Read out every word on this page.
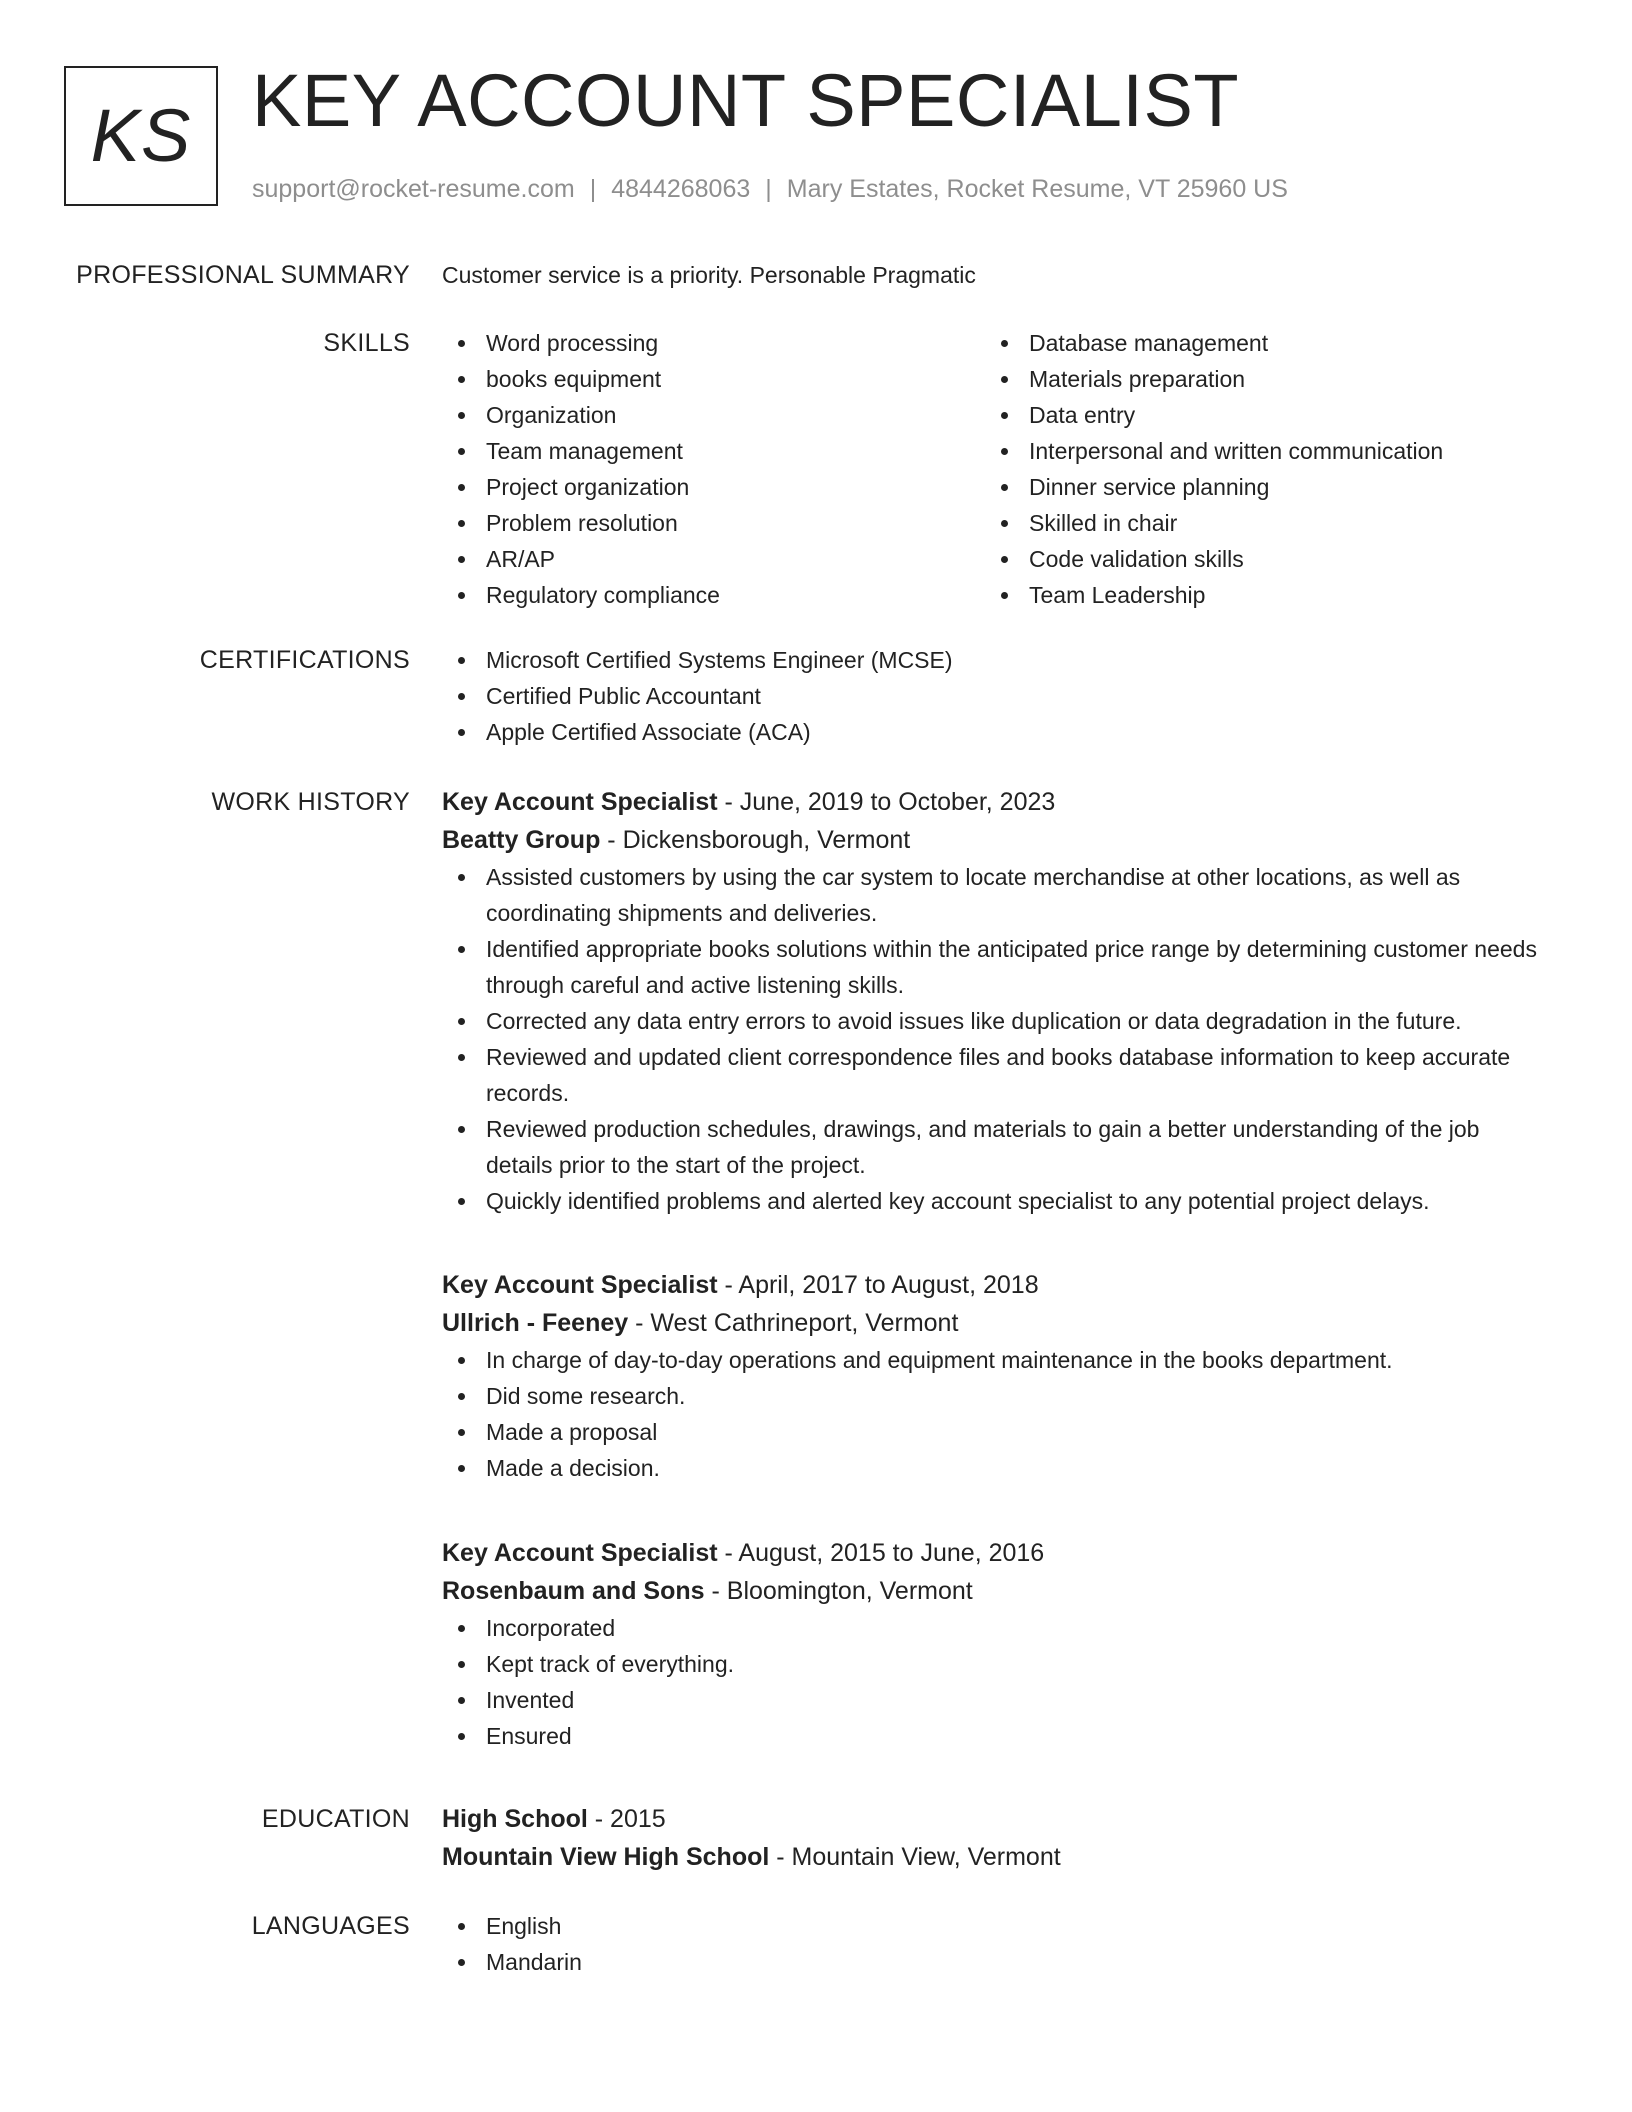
KS KEY ACCOUNT SPECIALIST
support@rocket-resume.com | 4844268063 | Mary Estates, Rocket Resume, VT 25960 US
PROFESSIONAL SUMMARY Customer service is a priority. Personable Pragmatic
SKILLS	Word processing
books equipment
Organization
Team management
Project organization
Problem resolution
AR/AP
Regulatory compliance
Database management
Materials preparation
Data entry
Interpersonal and written communication
Dinner service planning
Skilled in chair
Code validation skills
Team Leadership
CERTIFICATIONS	Microsoft Certified Systems Engineer (MCSE)
Certified Public Accountant
Apple Certified Associate (ACA)
WORK HISTORY Key Account Specialist - June, 2019 to October, 2023
Beatty Group - Dickensborough, Vermont
Assisted customers by using the car system to locate merchandise at other locations, as well as coordinating shipments and deliveries.
Identified appropriate books solutions within the anticipated price range by determining customer needs through careful and active listening skills.
Corrected any data entry errors to avoid issues like duplication or data degradation in the future.
Reviewed and updated client correspondence files and books database information to keep accurate records.
Reviewed production schedules, drawings, and materials to gain a better understanding of the job details prior to the start of the project.
Quickly identified problems and alerted key account specialist to any potential project delays.
Key Account Specialist - April, 2017 to August, 2018
Ullrich - Feeney - West Cathrineport, Vermont
In charge of day-to-day operations and equipment maintenance in the books department.
Did some research.
Made a proposal
Made a decision.
Key Account Specialist - August, 2015 to June, 2016
Rosenbaum and Sons - Bloomington, Vermont
Incorporated
Kept track of everything.
Invented
Ensured
EDUCATION High School - 2015
Mountain View High School - Mountain View, Vermont
LANGUAGES	English
Mandarin
